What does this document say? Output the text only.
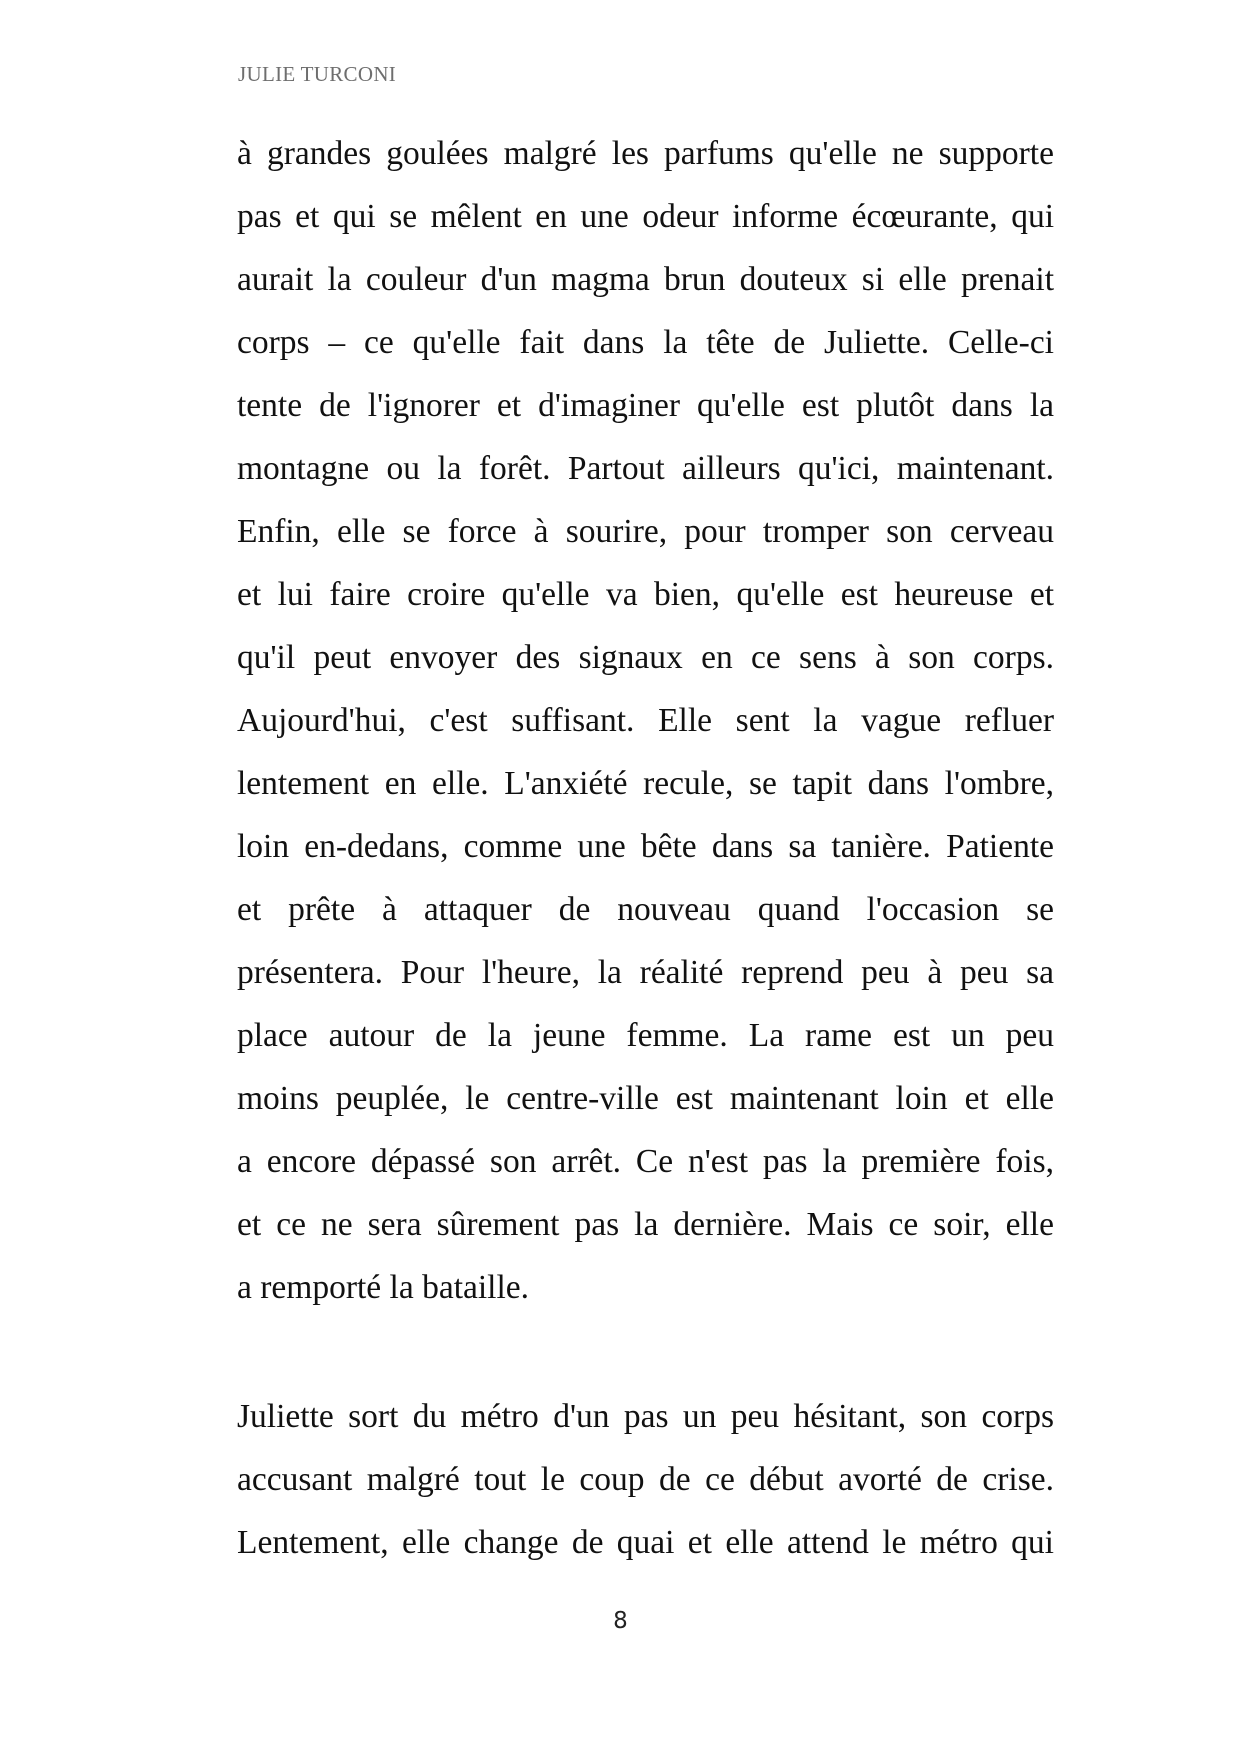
JULIE TURCONI
à grandes goulées malgré les parfums qu'elle ne supporte
pas et qui se mêlent en une odeur informe écœurante, qui
aurait la couleur d'un magma brun douteux si elle prenait
corps – ce qu'elle fait dans la tête de Juliette. Celle-ci
tente de l'ignorer et d'imaginer qu'elle est plutôt dans la
montagne ou la forêt. Partout ailleurs qu'ici, maintenant.
Enfin, elle se force à sourire, pour tromper son cerveau
et lui faire croire qu'elle va bien, qu'elle est heureuse et
qu'il peut envoyer des signaux en ce sens à son corps.
Aujourd'hui, c'est suffisant. Elle sent la vague refluer
lentement en elle. L'anxiété recule, se tapit dans l'ombre,
loin en-dedans, comme une bête dans sa tanière. Patiente
et prête à attaquer de nouveau quand l'occasion se
présentera. Pour l'heure, la réalité reprend peu à peu sa
place autour de la jeune femme. La rame est un peu
moins peuplée, le centre-ville est maintenant loin et elle
a encore dépassé son arrêt. Ce n'est pas la première fois,
et ce ne sera sûrement pas la dernière. Mais ce soir, elle
a remporté la bataille.
Juliette sort du métro d'un pas un peu hésitant, son corps
accusant malgré tout le coup de ce début avorté de crise.
Lentement, elle change de quai et elle attend le métro qui
8
